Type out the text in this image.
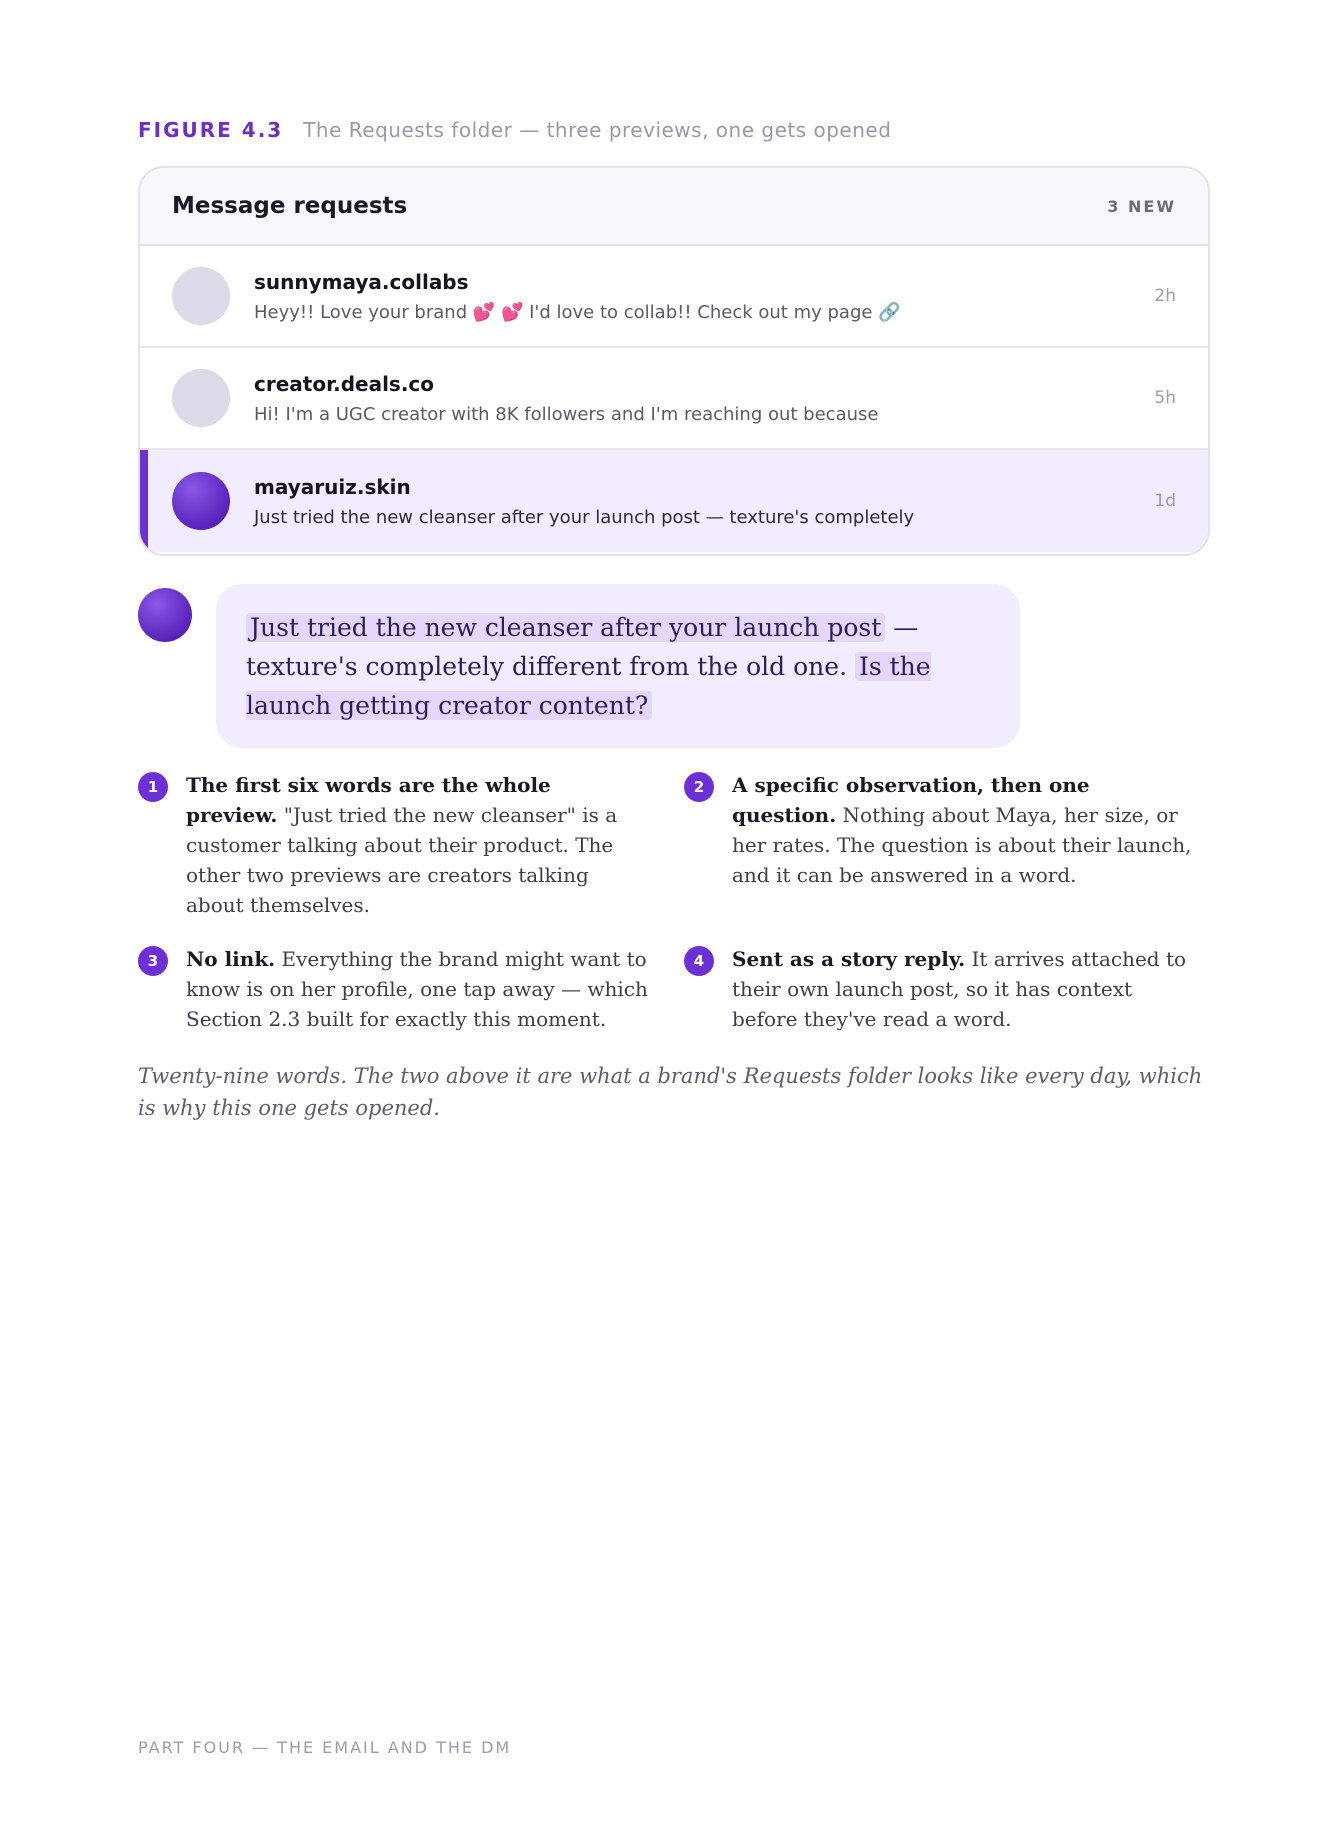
FIGURE 4.3 The Requests folder — three previews, one gets opened
Message requests	3 NEW
sunnymaya.collabs
Heyy!! Love your brand 💕 💕 I'd love to collab!! Check out my page 🔗
2h
creator.deals.co
Hi! I'm a UGC creator with 8K followers and I'm reaching out because
5h
mayaruiz.skin
Just tried the new cleanser after your launch post — texture's completely
1d
Just tried the new cleanser after your launch post — texture's completely different from the old one. Is the launch getting creator content?
1	The first six words are the whole preview. "Just tried the new cleanser" is a customer talking about their product. The other two previews are creators talking about themselves.
2	A specific observation, then one question. Nothing about Maya, her size, or her rates. The question is about their launch, and it can be answered in a word.
3	No link. Everything the brand might want to know is on her profile, one tap away — which Section 2.3 built for exactly this moment.
4	Sent as a story reply. It arrives attached to their own launch post, so it has context before they've read a word.
Twenty-nine words. The two above it are what a brand's Requests folder looks like every day, which is why this one gets opened.
PART FOUR — THE EMAIL AND THE DM
